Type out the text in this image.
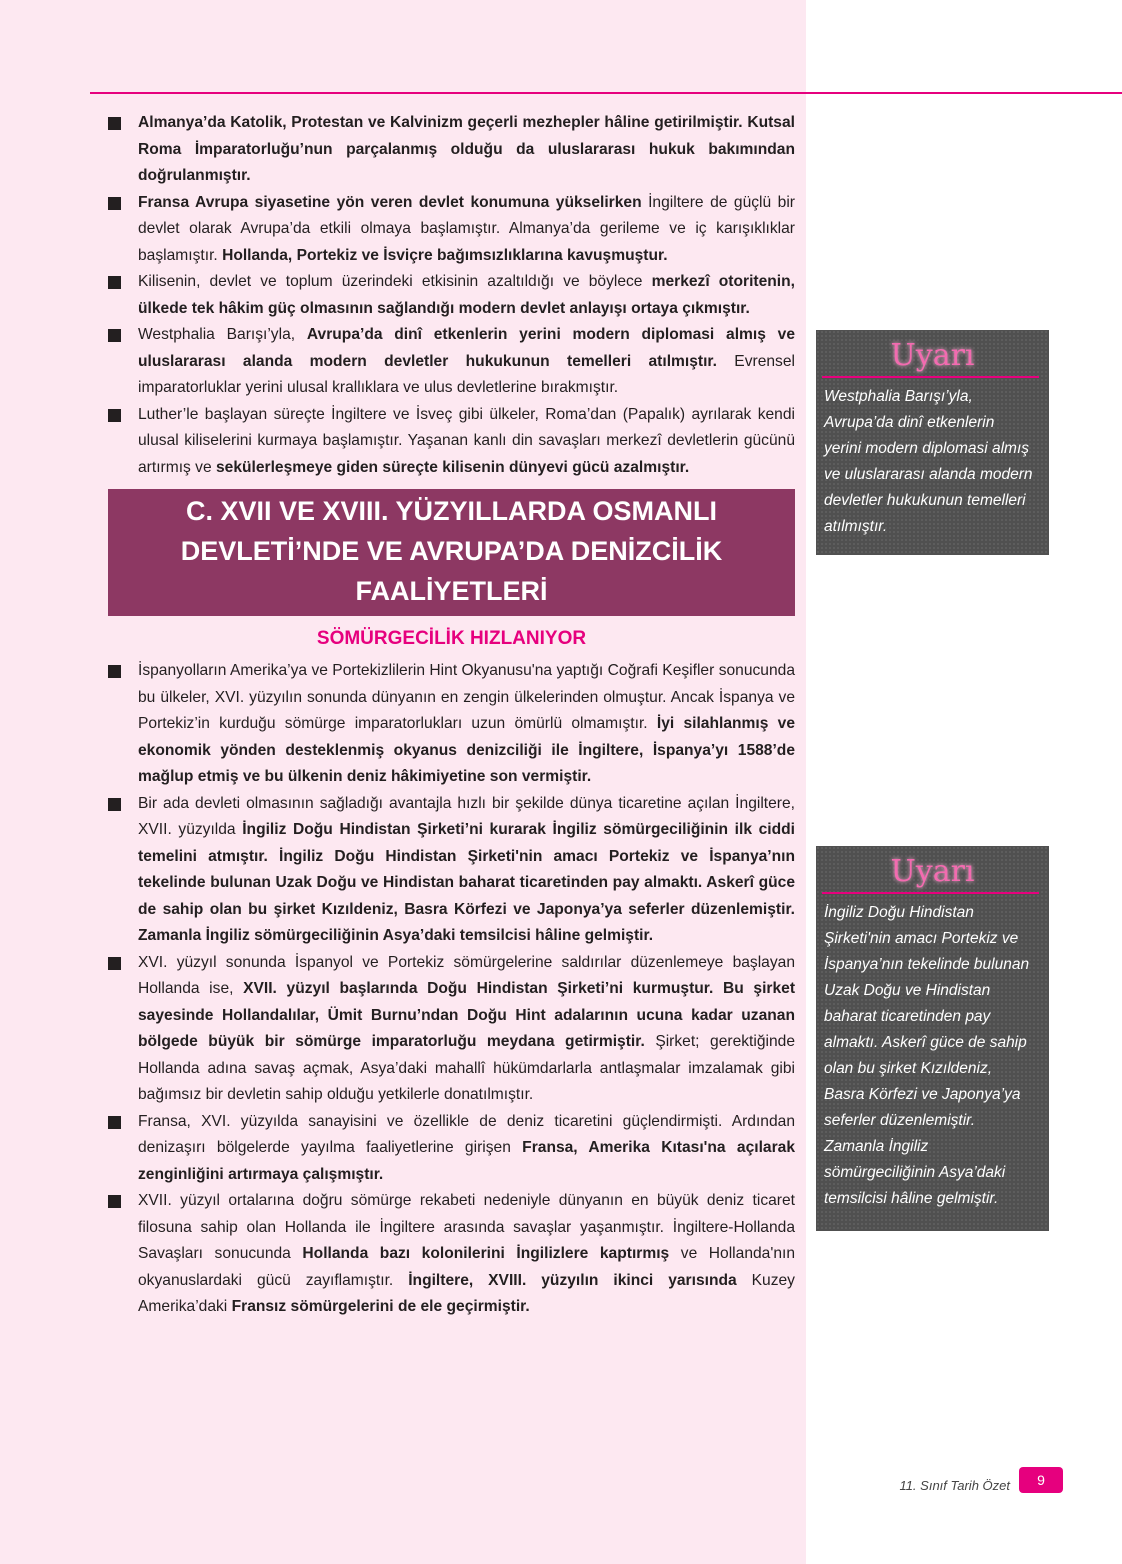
Almanya’da Katolik, Protestan ve Kalvinizm geçerli mezhepler hâline getirilmiştir. Kutsal Roma İmparatorluğu’nun parçalanmış olduğu da uluslararası hukuk bakımından doğrulanmıştır.

Fransa Avrupa siyasetine yön veren devlet konumuna yükselirken İngiltere de güçlü bir devlet olarak Avrupa’da etkili olmaya başlamıştır. Almanya’da gerileme ve iç karışıklıklar başlamıştır. Hollanda, Portekiz ve İsviçre bağımsızlıklarına kavuşmuştur.

Kilisenin, devlet ve toplum üzerindeki etkisinin azaltıldığı ve böylece merkezî otoritenin, ülkede tek hâkim güç olmasının sağlandığı modern devlet anlayışı ortaya çıkmıştır.

Westphalia Barışı’yla, Avrupa’da dinî etkenlerin yerini modern diplomasi almış ve uluslararası alanda modern devletler hukukunun temelleri atılmıştır. Evrensel imparatorluklar yerini ulusal krallıklara ve ulus devletlerine bırakmıştır.

Luther’le başlayan süreçte İngiltere ve İsveç gibi ülkeler, Roma’dan (Papalık) ayrılarak kendi ulusal kiliselerini kurmaya başlamıştır. Yaşanan kanlı din savaşları merkezî devletlerin gücünü artırmış ve sekülerleşmeye giden süreçte kilisenin dünyevi gücü azalmıştır.

C. XVII VE XVIII. YÜZYILLARDA OSMANLI
DEVLETİ’NDE VE AVRUPA’DA DENİZCİLİK
FAALİYETLERİ
SÖMÜRGECİLİK HIZLANIYOR

İspanyolların Amerika’ya ve Portekizlilerin Hint Okyanusu'na yaptığı Coğrafi Keşifler sonucunda bu ülkeler, XVI. yüzyılın sonunda dünyanın en zengin ülkelerinden olmuştur. Ancak İspanya ve Portekiz’in kurduğu sömürge imparatorlukları uzun ömürlü olmamıştır. İyi silahlanmış ve ekonomik yönden desteklenmiş okyanus denizciliği ile İngiltere, İspanya’yı 1588’de mağlup etmiş ve bu ülkenin deniz hâkimiyetine son vermiştir.

Bir ada devleti olmasının sağladığı avantajla hızlı bir şekilde dünya ticaretine açılan İngiltere, XVII. yüzyılda İngiliz Doğu Hindistan Şirketi’ni kurarak İngiliz sömürgeciliğinin ilk ciddi temelini atmıştır. İngiliz Doğu Hindistan Şirketi'nin amacı Portekiz ve İspanya’nın tekelinde bulunan Uzak Doğu ve Hindistan baharat ticaretinden pay almaktı. Askerî güce de sahip olan bu şirket Kızıldeniz, Basra Körfezi ve Japonya’ya seferler düzenlemiştir. Zamanla İngiliz sömürgeciliğinin Asya’daki temsilcisi hâline gelmiştir.

XVI. yüzyıl sonunda İspanyol ve Portekiz sömürgelerine saldırılar düzenlemeye başlayan Hollanda ise, XVII. yüzyıl başlarında Doğu Hindistan Şirketi’ni kurmuştur. Bu şirket sayesinde Hollandalılar, Ümit Burnu’ndan Doğu Hint adalarının ucuna kadar uzanan bölgede büyük bir sömürge imparatorluğu meydana getirmiştir. Şirket; gerektiğinde Hollanda adına savaş açmak, Asya’daki mahallî hükümdarlarla antlaşmalar imzalamak gibi bağımsız bir devletin sahip olduğu yetkilerle donatılmıştır.

Fransa, XVI. yüzyılda sanayisini ve özellikle de deniz ticaretini güçlendirmişti. Ardından denizaşırı bölgelerde yayılma faaliyetlerine girişen Fransa, Amerika Kıtası'na açılarak zenginliğini artırmaya çalışmıştır.

XVII. yüzyıl ortalarına doğru sömürge rekabeti nedeniyle dünyanın en büyük deniz ticaret filosuna sahip olan Hollanda ile İngiltere arasında savaşlar yaşanmıştır. İngiltere-Hollanda Savaşları sonucunda Hollanda bazı kolonilerini İngilizlere kaptırmış ve Hollanda'nın okyanuslardaki gücü zayıflamıştır. İngiltere, XVIII. yüzyılın ikinci yarısında Kuzey Amerika’daki Fransız sömürgelerini de ele geçirmiştir.

Uyarı
Westphalia Barışı’yla, Avrupa’da dinî etkenlerin yerini modern diplomasi almış ve uluslararası alanda modern devletler hukukunun temelleri atılmıştır.
Uyarı
İngiliz Doğu Hindistan Şirketi'nin amacı Portekiz ve İspanya’nın tekelinde bulunan Uzak Doğu ve Hindistan baharat ticaretinden pay almaktı. Askerî güce de sahip olan bu şirket Kızıldeniz, Basra Körfezi ve Japonya’ya seferler düzenlemiştir. Zamanla İngiliz sömürgeciliğinin Asya’daki temsilcisi hâline gelmiştir.
11. Sınıf Tarih Özet	9
